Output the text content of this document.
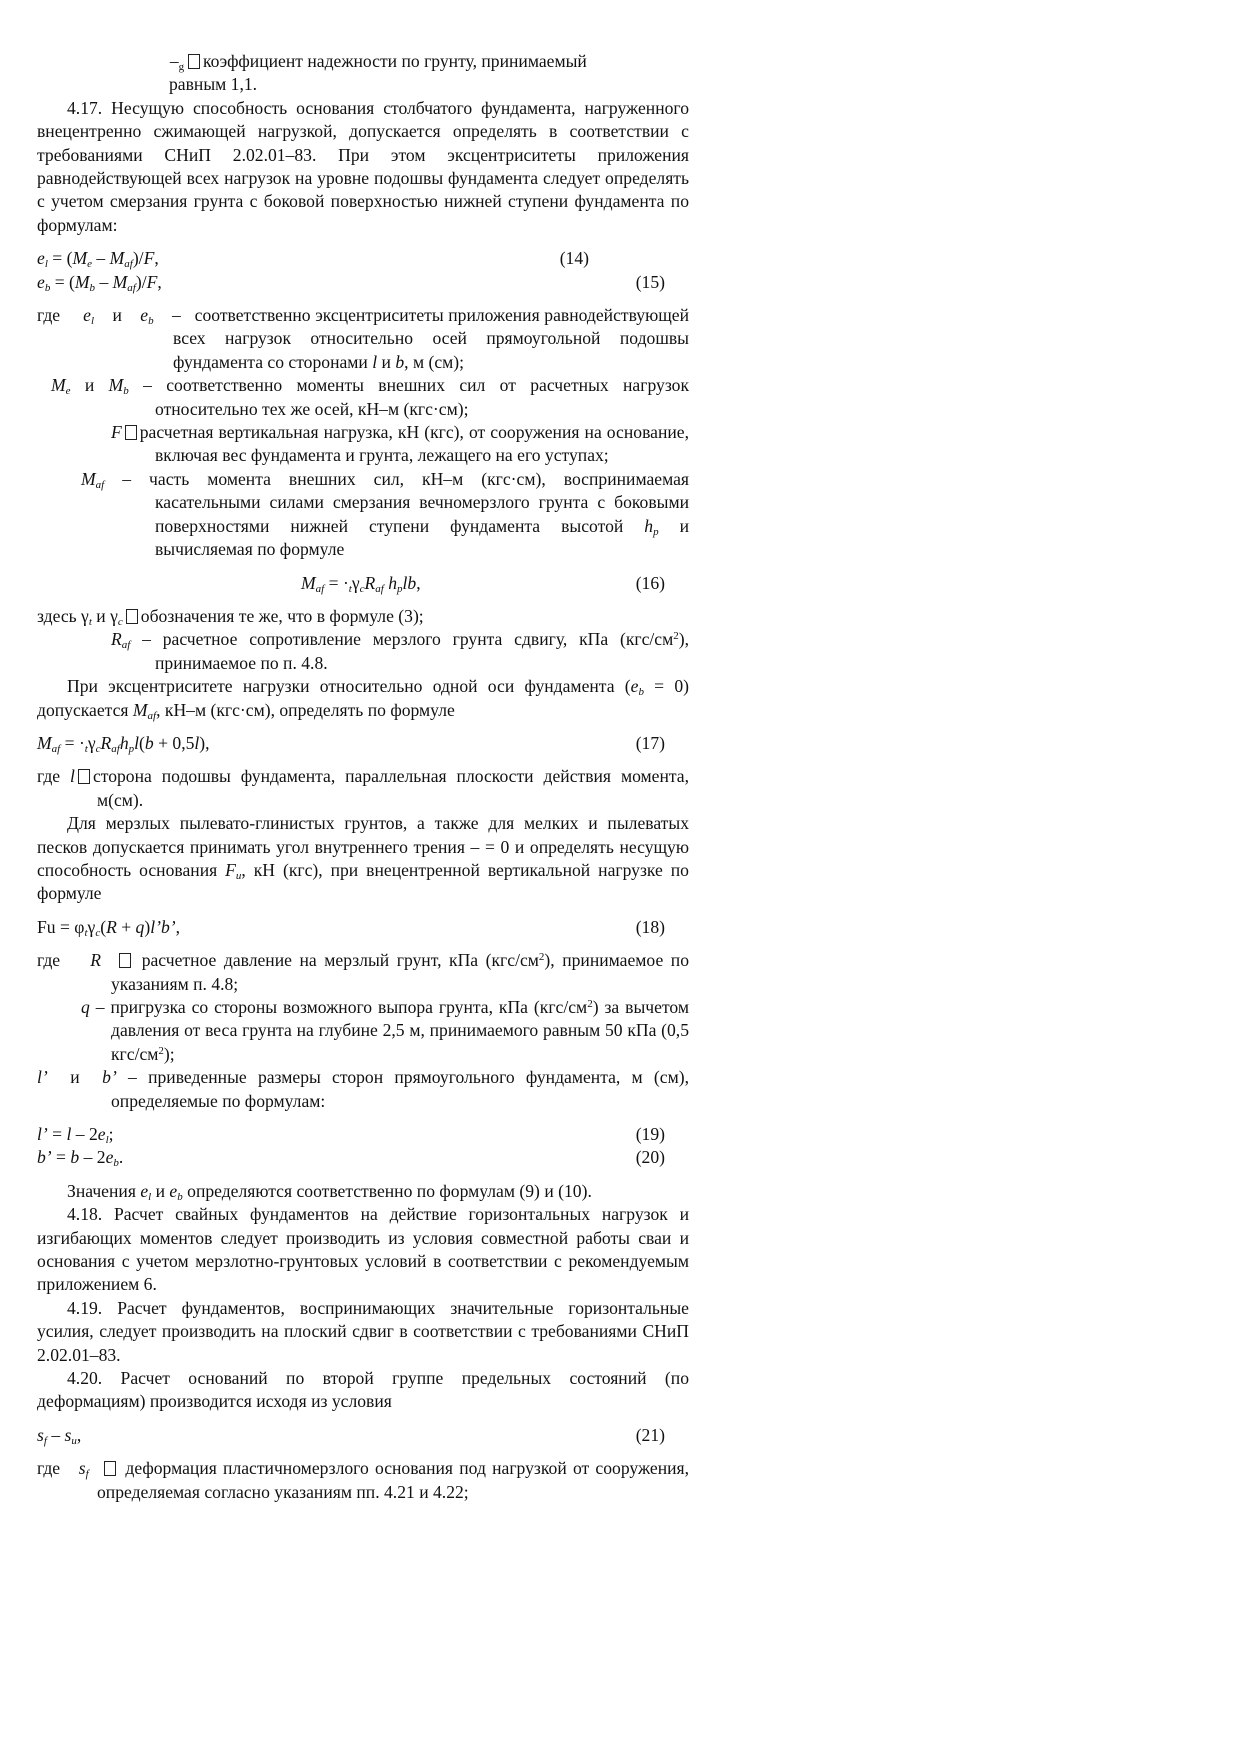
$‒_g$ коэффициент надежности по грунту, принимаемый

равным 1,1.

4.17. Несущую способность основания столбчатого фундамента, нагруженного внецентренно сжимающей нагрузкой, допускается определять в соответствии с требованиями СНиП 2.02.01–83. При этом эксцентриситеты приложения равнодействующей всех нагрузок на уровне подошвы фундамента следует определять с учетом смерзания грунта с боковой поверхностью нижней ступени фундамента по формулам:

$e_l = (M_e - M_{af})/F$,	(14)
$e_b = (M_b - M_{af})/F$,	(15)

где     $e_l$    и    $e_b$    –   соответственно эксцентриситеты приложения равнодействующей всех нагрузок относительно осей прямоугольной подошвы фундамента со сторонами l и b, м (см);

$M_e$ и $M_b$ – соответственно моменты внешних сил от расчетных нагрузок относительно тех же осей, кН‒м (кгс·см);

F расчетная вертикальная нагрузка, кН (кгс), от сооружения на основание, включая вес фундамента и грунта, лежащего на его уступах;

$M_{af}$ – часть момента внешних сил, кН‒м (кгс·см), воспринимаемая касательными силами смерзания вечномерзлого грунта с боковыми поверхностями нижней ступени фундамента высотой $h_p$ и вычисляемая по формуле

$M_{af} = \cdot_t\gamma_cR_{af}$ $h_plb$,	(16)

здесь $\gamma_t$ и $\gamma_c$ обозначения те же, что в формуле (3);

$R_{af}$ – расчетное сопротивление мерзлого грунта сдвигу, кПа $(кгс/см^2)$, принимаемое по п. 4.8.

При эксцентриситете нагрузки относительно одной оси фундамента $(e_b = 0)$ допускается $M_{af}$, кН‒м (кгс·см), определять по формуле

$M_{af} = \cdot_t\gamma_cR_{af}h_pl(b + 0,5l)$,	(17)

где l сторона подошвы фундамента, параллельная плоскости действия момента, м(см).

Для мерзлых пылевато-глинистых грунтов, а также для мелких и пылеватых песков допускается принимать угол внутреннего трения ‒ = 0 и определять несущую способность основания $F_u$, кН (кгс), при внецентренной вертикальной нагрузке по формуле

$Fu = \varphi_t\gamma_c(R$ + q)l’b’,	(18)

где    R расчетное давление на мерзлый грунт, кПа $(кгс/см^2)$, принимаемое по указаниям п. 4.8;

q – пригрузка со стороны возможного выпора грунта, кПа $(кгс/см^2)$ за вычетом давления от веса грунта на глубине 2,5 м, принимаемого равным 50 кПа (0,5 кгс/$см^2$);

l’  и  b’ – приведенные размеры сторон прямоугольного фундамента, м (см), определяемые по формулам:

l’ = l – $2e_l$;	(19)
b’ = b – $2e_b$.	(20)

Значения $e_l$ и $e_b$ определяются соответственно по формулам (9) и (10).

4.18. Расчет свайных фундаментов на действие горизонтальных нагрузок и изгибающих моментов следует производить из условия совместной работы сваи и основания с учетом мерзлотно-грунтовых условий в соответствии с рекомендуемым приложением 6.

4.19. Расчет фундаментов, воспринимающих значительные горизонтальные усилия, следует производить на плоский сдвиг в соответствии с требованиями СНиП 2.02.01–83.

4.20. Расчет оснований по второй группе предельных состояний (по деформациям) производится исходя из условия

$s_f$ ‒ $s_u$,	(21)

где   $s_f$ деформация пластичномерзлого основания под нагрузкой от сооружения, определяемая согласно указаниям пп. 4.21 и 4.22;
